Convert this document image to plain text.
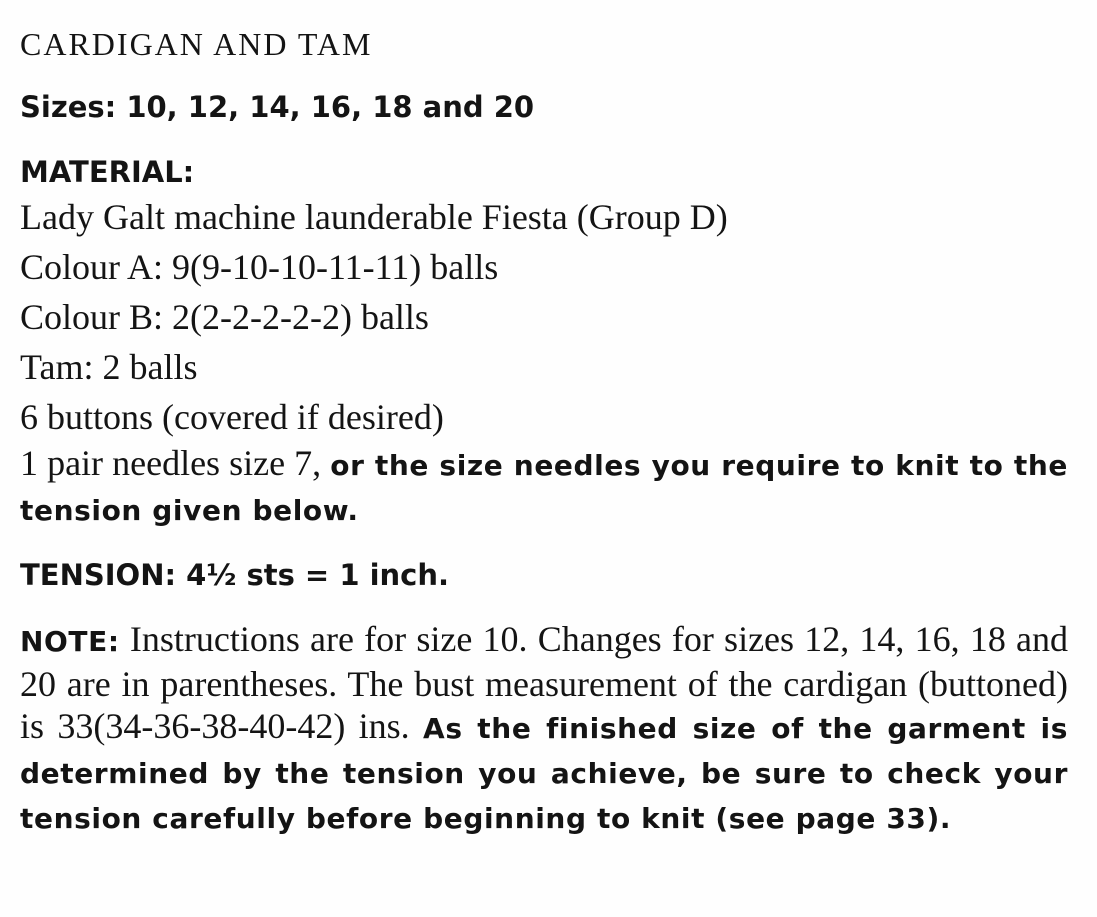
CARDIGAN AND TAM
Sizes: 10, 12, 14, 16, 18 and 20
MATERIAL:
Lady Galt machine launderable Fiesta (Group D)
Colour A: 9(9-10-10-11-11) balls
Colour B: 2(2-2-2-2-2) balls
Tam: 2 balls
6 buttons (covered if desired)
1 pair needles size 7, or the size needles you require to knit to the tension given below.
TENSION: 4½ sts = 1 inch.
NOTE: Instructions are for size 10. Changes for sizes 12, 14, 16, 18 and 20 are in parentheses. The bust measurement of the cardigan (buttoned) is 33(34-36-38-40-42) ins. As the finished size of the garment is determined by the tension you achieve, be sure to check your tension carefully before beginning to knit (see page 33).
